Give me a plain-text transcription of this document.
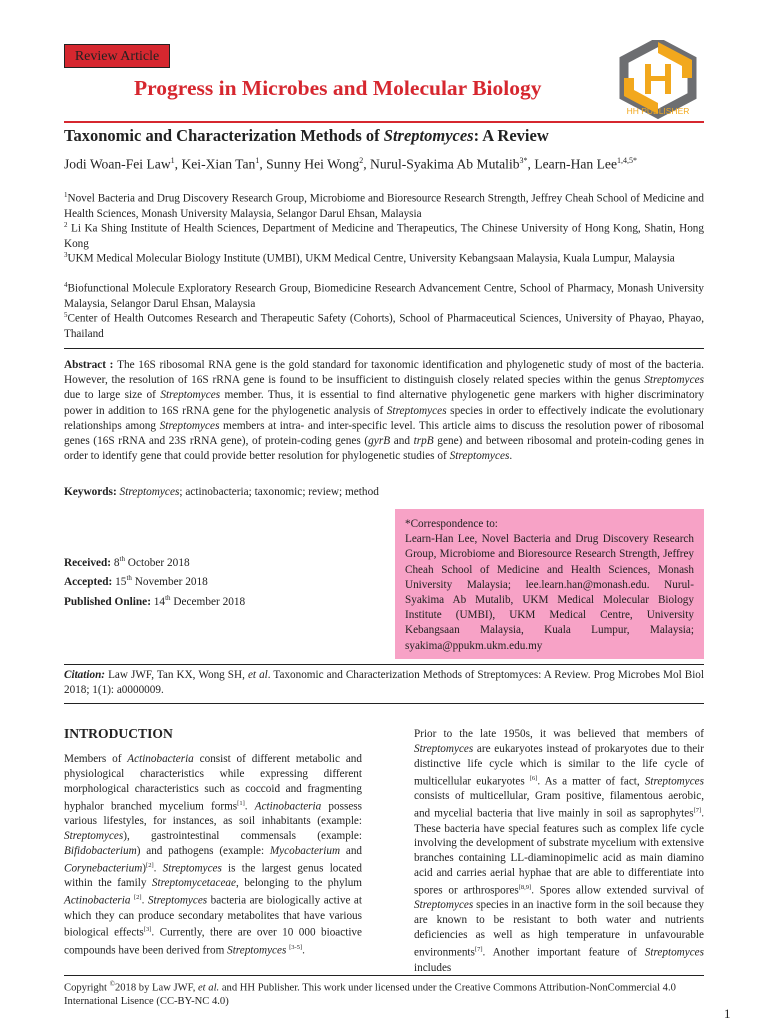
Review Article
Progress in Microbes and Molecular Biology
HH PUBLISHER
Taxonomic and Characterization Methods of Streptomyces: A Review
Jodi Woan-Fei Law$^1$, Kei-Xian Tan$^1$, Sunny Hei Wong$^2$, Nurul-Syakima Ab Mutalib$^{3*}$, Learn-Han Lee$^{1,4,5*}$
$^1$Novel Bacteria and Drug Discovery Research Group, Microbiome and Bioresource Research Strength, Jeffrey Cheah School of Medicine and Health Sciences, Monash University Malaysia, Selangor Darul Ehsan, Malaysia
$^2$ Li Ka Shing Institute of Health Sciences, Department of Medicine and Therapeutics, The Chinese University of Hong Kong, Shatin, Hong Kong
$^3$UKM Medical Molecular Biology Institute (UMBI), UKM Medical Centre, University Kebangsaan Malaysia, Kuala Lumpur, Malaysia
$^4$Biofunctional Molecule Exploratory Research Group, Biomedicine Research Advancement Centre, School of Pharmacy, Monash University Malaysia, Selangor Darul Ehsan, Malaysia
$^5$Center of Health Outcomes Research and Therapeutic Safety (Cohorts), School of Pharmaceutical Sciences, University of Phayao, Phayao, Thailand
Abstract : The 16S ribosomal RNA gene is the gold standard for taxonomic identification and phylogenetic study of most of the bacteria. However, the resolution of 16S rRNA gene is found to be insufficient to distinguish closely related species within the genus Streptomyces due to large size of Streptomyces member. Thus, it is essential to find alternative phylogenetic gene markers with higher discriminatory power in addition to 16S rRNA gene for the phylogenetic analysis of Streptomyces species in order to effectively indicate the evolutionary relationships among Streptomyces members at intra- and inter-specific level. This article aims to discuss the resolution power of ribosomal genes (16S rRNA and 23S rRNA gene), of protein-coding genes (gyrB and trpB gene) and between ribosomal and protein-coding genes in order to identify gene that could provide better resolution for phylogenetic studies of Streptomyces.
Keywords: Streptomyces; actinobacteria; taxonomic; review; method
Received: 8th October 2018
Accepted: 15th November 2018
Published Online: 14th December 2018
*Correspondence to:
Learn-Han Lee, Novel Bacteria and Drug Discovery Research Group, Microbiome and Bioresource Research Strength, Jeffrey Cheah School of Medicine and Health Sciences, Monash University Malaysia; lee.learn.han@monash.edu. Nurul-Syakima Ab Mutalib, UKM Medical Molecular Biology Institute (UMBI), UKM Medical Centre, University Kebangsaan Malaysia, Kuala Lumpur, Malaysia; syakima@ppukm.ukm.edu.my
Citation: Law JWF, Tan KX, Wong SH, et al. Taxonomic and Characterization Methods of Streptomyces: A Review. Prog Microbes Mol Biol 2018; 1(1): a0000009.
INTRODUCTION
Members of Actinobacteria consist of different metabolic and physiological characteristics while expressing different morphological characteristics such as coccoid and fragmenting hyphalor branched mycelium forms[1]. Actinobacteria possess various lifestyles, for instances, as soil inhabitants (example: Streptomyces), gastrointestinal commensals (example: Bifidobacterium) and pathogens (example: Mycobacterium and Corynebacterium)[2]. Streptomyces is the largest genus located within the family Streptomycetaceae, belonging to the phylum Actinobacteria [2]. Streptomyces bacteria are biologically active at which they can produce secondary metabolites that have various biological effects[3]. Currently, there are over 10 000 bioactive compounds have been derived from Streptomyces [3-5].
Prior to the late 1950s, it was believed that members of Streptomyces are eukaryotes instead of prokaryotes due to their distinctive life cycle which is similar to the life cycle of multicellular eukaryotes [6]. As a matter of fact, Streptomyces consists of multicellular, Gram positive, filamentous aerobic, and mycelial bacteria that live mainly in soil as saprophytes[7]. These bacteria have special features such as complex life cycle involving the development of substrate mycelium with extensive branches containing LL-diaminopimelic acid as main diamino acid and carries aerial hyphae that are able to differentiate into spores or arthrospores[8,9]. Spores allow extended survival of Streptomyces species in an inactive form in the soil because they are known to be resistant to both water and nutrients deficiencies as well as high temperature in unfavourable environments[7]. Another important feature of Streptomyces includes
Copyright ©2018 by Law JWF, et al. and HH Publisher. This work under licensed under the Creative Commons Attribution-NonCommercial 4.0 International Lisence (CC-BY-NC 4.0)
1
